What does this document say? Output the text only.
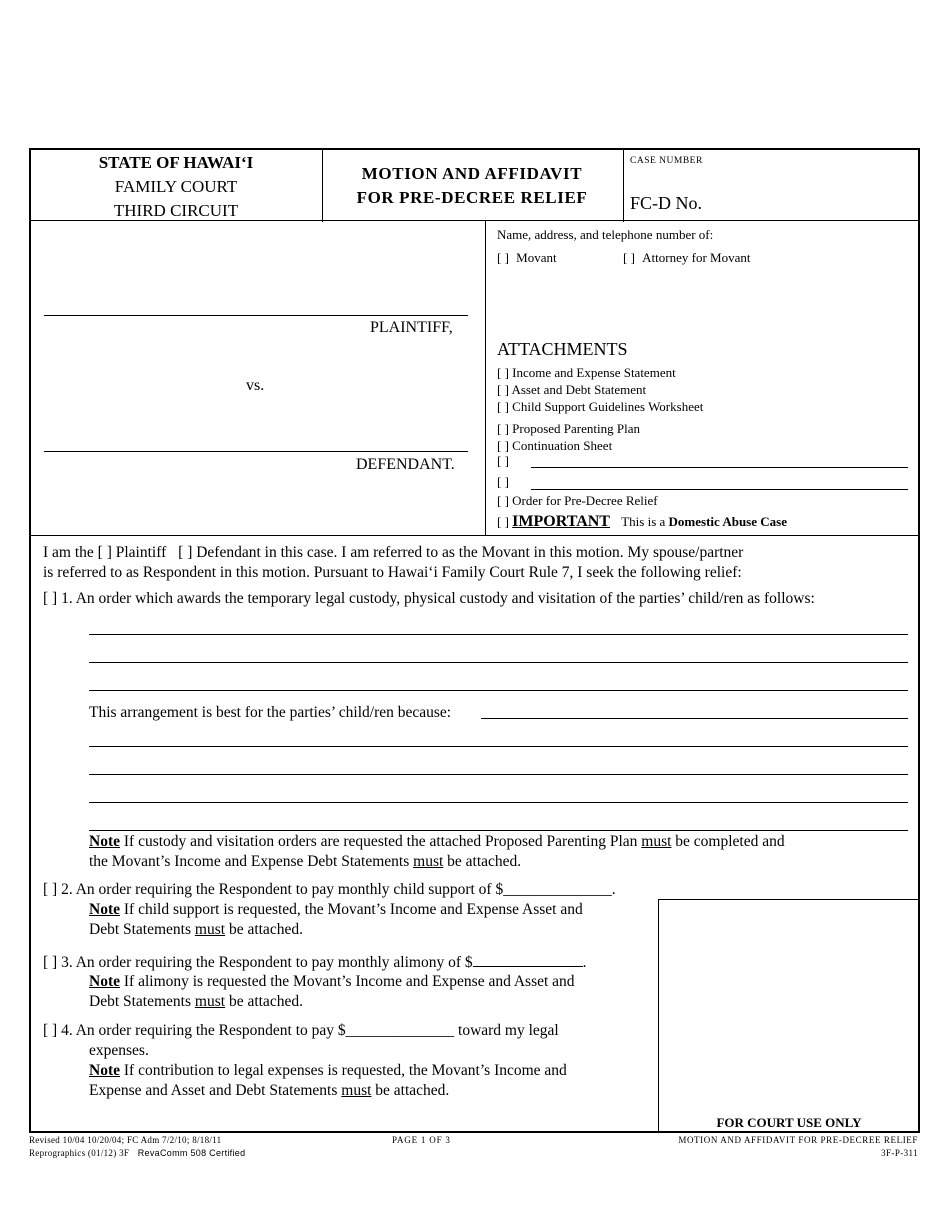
STATE OF HAWAI‘I
FAMILY COURT
THIRD CIRCUIT
MOTION AND AFFIDAVIT
FOR PRE-DECREE RELIEF
CASE NUMBER
FC-D No.
PLAINTIFF,
vs.
DEFENDANT.
Name, address, and telephone number of:
[ ] Movant	[ ] Attorney for Movant
ATTACHMENTS
[ ] Income and Expense Statement
[ ] Asset and Debt Statement
[ ] Child Support Guidelines Worksheet
[ ] Proposed Parenting Plan
[ ] Continuation Sheet
[ ]
[ ]
[ ] Order for Pre-Decree Relief
[ ] IMPORTANT This is a Domestic Abuse Case
I am the [ ] Plaintiff [ ] Defendant in this case. I am referred to as the Movant in this motion. My spouse/partner
is referred to as Respondent in this motion. Pursuant to Hawai‘i Family Court Rule 7, I seek the following relief:
[ ] 1. An order which awards the temporary legal custody, physical custody and visitation of the parties’ child/ren as follows:
This arrangement is best for the parties’ child/ren because:
Note If custody and visitation orders are requested the attached Proposed Parenting Plan must be completed and
the Movant’s Income and Expense Debt Statements must be attached.
[ ] 2. An order requiring the Respondent to pay monthly child support of $______________.
Note If child support is requested, the Movant’s Income and Expense Asset and
Debt Statements must be attached.
[ ] 3. An order requiring the Respondent to pay monthly alimony of $	.
Note If alimony is requested the Movant’s Income and Expense and Asset and
Debt Statements must be attached.
[ ] 4. An order requiring the Respondent to pay $______________ toward my legal
expenses.
Note If contribution to legal expenses is requested, the Movant’s Income and
Expense and Asset and Debt Statements must be attached.
FOR COURT USE ONLY
Revised 10/04 10/20/04; FC Adm 7/2/10; 8/18/11
Reprographics (01/12) 3F RevaComm 508 Certified
PAGE 1 OF 3	MOTION AND AFFIDAVIT FOR PRE-DECREE RELIEF
3F-P-311
